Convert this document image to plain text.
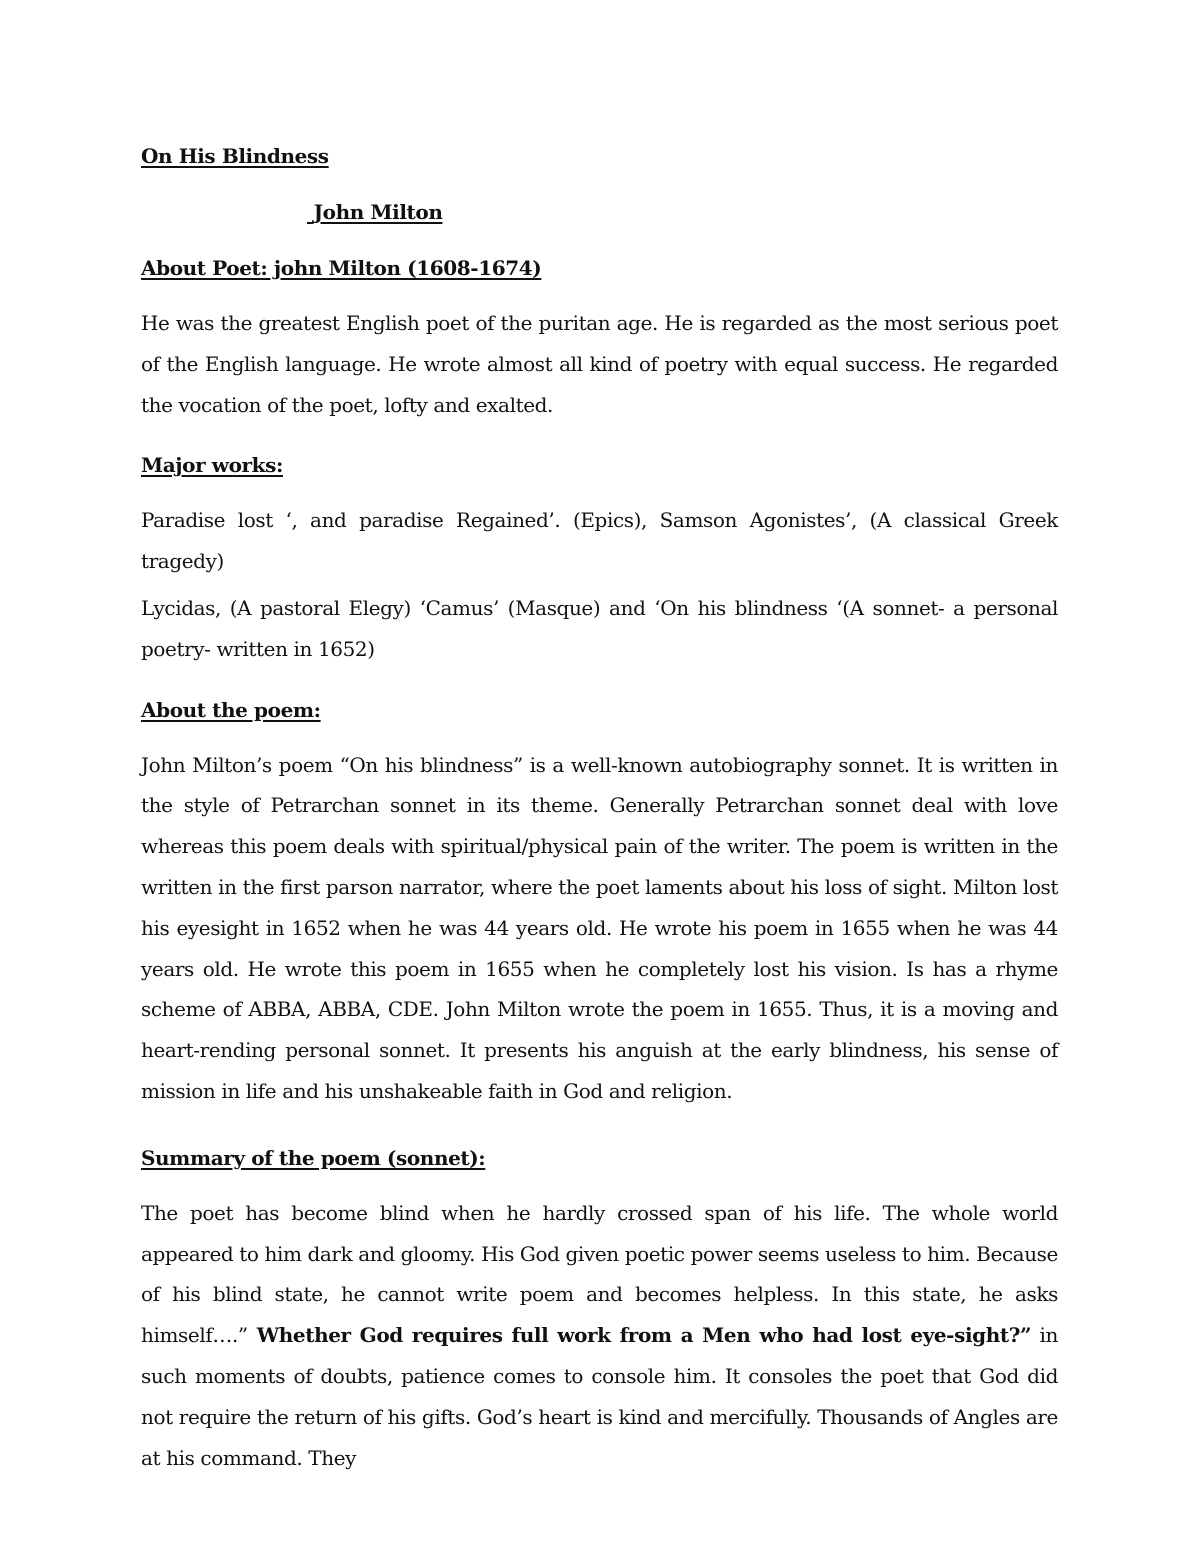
On His Blindness

John Milton

About Poet: john Milton (1608-1674)

He was the greatest English poet of the puritan age. He is regarded as the most serious poet of the English language. He wrote almost all kind of poetry with equal success. He regarded the vocation of the poet, lofty and exalted.

Major works:

Paradise lost ‘, and paradise Regained’. (Epics), Samson Agonistes’, (A classical Greek tragedy)

Lycidas, (A pastoral Elegy) ‘Camus’ (Masque) and ‘On his blindness ‘(A sonnet- a personal poetry- written in 1652)

About the poem:

John Milton’s poem “On his blindness” is a well-known autobiography sonnet. It is written in the style of Petrarchan sonnet in its theme. Generally Petrarchan sonnet deal with love whereas this poem deals with spiritual/physical pain of the writer. The poem is written in the written in the first parson narrator, where the poet laments about his loss of sight. Milton lost his eyesight in 1652 when he was 44 years old. He wrote his poem in 1655 when he was 44 years old. He wrote this poem in 1655 when he completely lost his vision. Is has a rhyme scheme of ABBA, ABBA, CDE. John Milton wrote the poem in 1655. Thus, it is a moving and heart-rending personal sonnet. It presents his anguish at the early blindness, his sense of mission in life and his unshakeable faith in God and religion.

Summary of the poem (sonnet):

The poet has become blind when he hardly crossed span of his life. The whole world appeared to him dark and gloomy. His God given poetic power seems useless to him. Because of his blind state, he cannot write poem and becomes helpless. In this state, he asks himself….” Whether God requires full work from a Men who had lost eye-sight?” in such moments of doubts, patience comes to console him. It consoles the poet that God did not require the return of his gifts. God’s heart is kind and mercifully. Thousands of Angles are at his command. They
